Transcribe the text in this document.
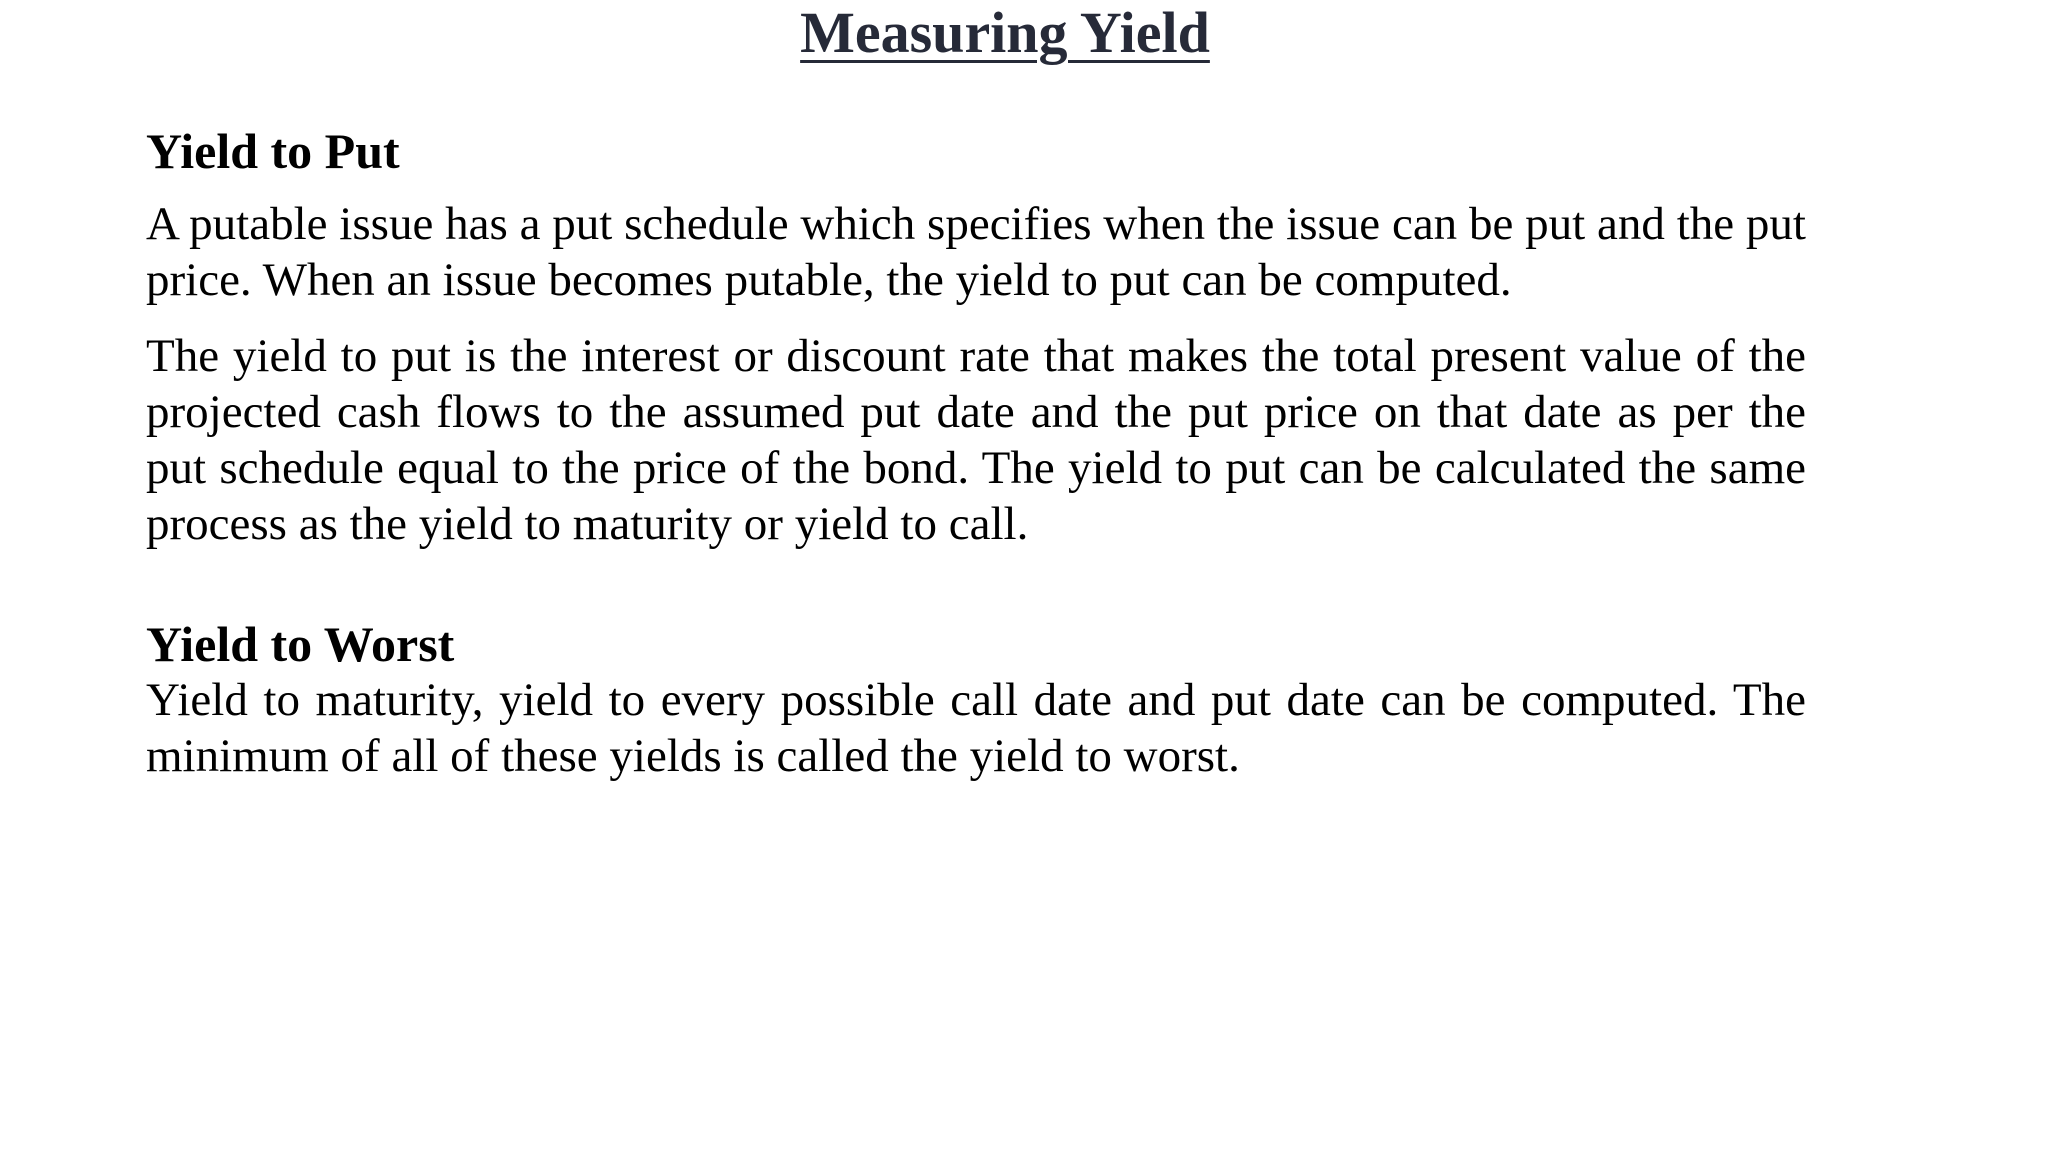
Measuring Yield

Yield to Put

A putable issue has a put schedule which specifies when the issue can be put and the put price. When an issue becomes putable, the yield to put can be computed.

The yield to put is the interest or discount rate that makes the total present value of the projected cash flows to the assumed put date and the put price on that date as per the put schedule equal to the price of the bond. The yield to put can be calculated the same process as the yield to maturity or yield to call.

Yield to Worst

Yield to maturity, yield to every possible call date and put date can be computed. The minimum of all of these yields is called the yield to worst.
